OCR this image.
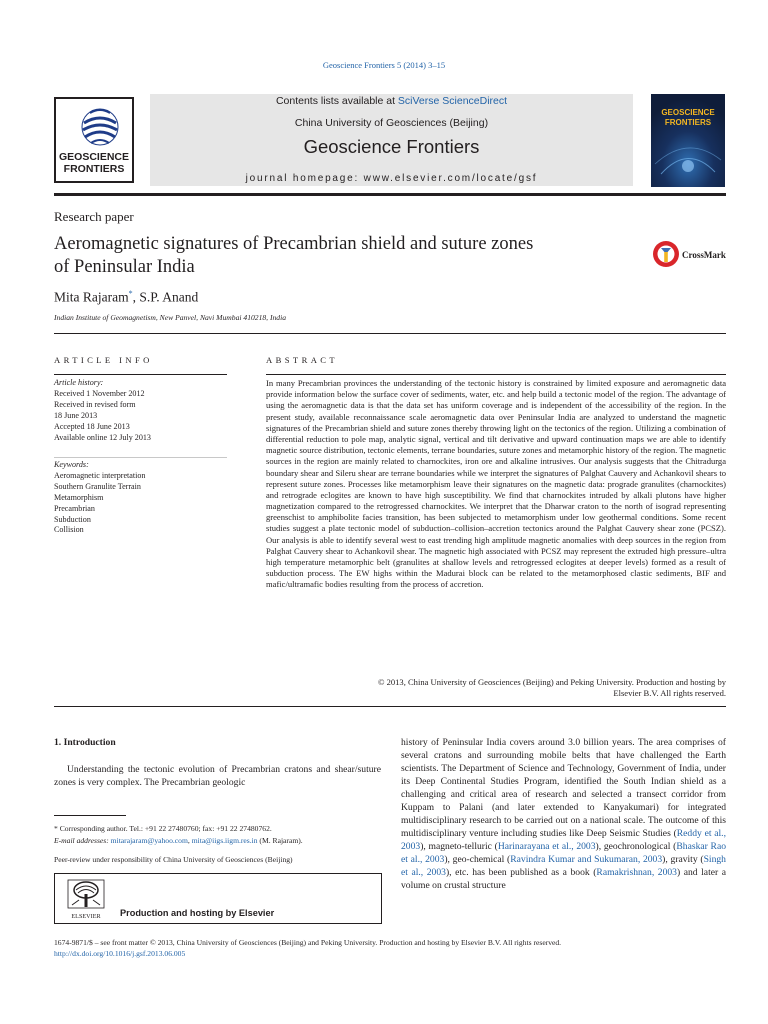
Geoscience Frontiers 5 (2014) 3–15
GEOSCIENCE
FRONTIERS
Contents lists available at SciVerse ScienceDirect
China University of Geosciences (Beijing)
Geoscience Frontiers
journal homepage: www.elsevier.com/locate/gsf
GEOSCIENCE
FRONTIERS
Research paper
Aeromagnetic signatures of Precambrian shield and suture zones
of Peninsular India
CrossMark
Mita Rajaram*, S.P. Anand
Indian Institute of Geomagnetism, New Panvel, Navi Mumbai 410218, India
ARTICLE INFO
Article history:
Received 1 November 2012
Received in revised form
18 June 2013
Accepted 18 June 2013
Available online 12 July 2013
Keywords:
Aeromagnetic interpretation
Southern Granulite Terrain
Metamorphism
Precambrian
Subduction
Collision
ABSTRACT
In many Precambrian provinces the understanding of the tectonic history is constrained by limited exposure and aeromagnetic data provide information below the surface cover of sediments, water, etc. and help build a tectonic model of the region. The advantage of using the aeromagnetic data is that the data set has uniform coverage and is independent of the accessibility of the region. In the present study, available reconnaissance scale aeromagnetic data over Peninsular India are analyzed to understand the magnetic signatures of the Precambrian shield and suture zones thereby throwing light on the tectonics of the region. Utilizing a combination of differential reduction to pole map, analytic signal, vertical and tilt derivative and upward continuation maps we are able to identify magnetic source distribution, tectonic elements, terrane boundaries, suture zones and metamorphic history of the region. The magnetic sources in the region are mainly related to charnockites, iron ore and alkaline intrusives. Our analysis suggests that the Chitradurga boundary shear and Sileru shear are terrane boundaries while we interpret the signatures of Palghat Cauvery and Achankovil shears to represent suture zones. Processes like metamorphism leave their signatures on the magnetic data: prograde granulites (charnockites) and retrograde eclogites are known to have high susceptibility. We find that charnockites intruded by alkali plutons have higher magnetization compared to the retrogressed charnockites. We interpret that the Dharwar craton to the north of isograd representing greenschist to amphibolite facies transition, has been subjected to metamorphism under low geothermal conditions. Some recent studies suggest a plate tectonic model of subduction–collision–accretion tectonics around the Palghat Cauvery shear zone (PCSZ). Our analysis is able to identify several west to east trending high amplitude magnetic anomalies with deep sources in the region from Palghat Cauvery shear to Achankovil shear. The magnetic high associated with PCSZ may represent the extruded high pressure–ultra high temperature metamorphic belt (granulites at shallow levels and retrogressed eclogites at deeper levels) formed as a result of subduction process. The EW highs within the Madurai block can be related to the metamorphosed clastic sediments, BIF and mafic/ultramafic bodies resulting from the process of accretion.
© 2013, China University of Geosciences (Beijing) and Peking University. Production and hosting by
Elsevier B.V. All rights reserved.
1. Introduction
Understanding the tectonic evolution of Precambrian cratons and shear/suture zones is very complex. The Precambrian geologic
* Corresponding author. Tel.: +91 22 27480760; fax: +91 22 27480762.
E-mail addresses: mitarajaram@yahoo.com, mita@iigs.iigm.res.in (M. Rajaram).
Peer-review under responsibility of China University of Geosciences (Beijing)
ELSEVIER Production and hosting by Elsevier
history of Peninsular India covers around 3.0 billion years. The area comprises of several cratons and surrounding mobile belts that have challenged the Earth scientists. The Department of Science and Technology, Government of India, under its Deep Continental Studies Program, identified the South Indian shield as a challenging and critical area of research and selected a transect corridor from Kuppam to Palani (and later extended to Kanyakumari) for integrated multidisciplinary research to be carried out on a national scale. The outcome of this multidisciplinary venture including studies like Deep Seismic Studies (Reddy et al., 2003), magneto-telluric (Harinarayana et al., 2003), geochronological (Bhaskar Rao et al., 2003), geo-chemical (Ravindra Kumar and Sukumaran, 2003), gravity (Singh et al., 2003), etc. has been published as a book (Ramakrishnan, 2003) and later a volume on crustal structure
1674-9871/$ – see front matter © 2013, China University of Geosciences (Beijing) and Peking University. Production and hosting by Elsevier B.V. All rights reserved.
http://dx.doi.org/10.1016/j.gsf.2013.06.005
